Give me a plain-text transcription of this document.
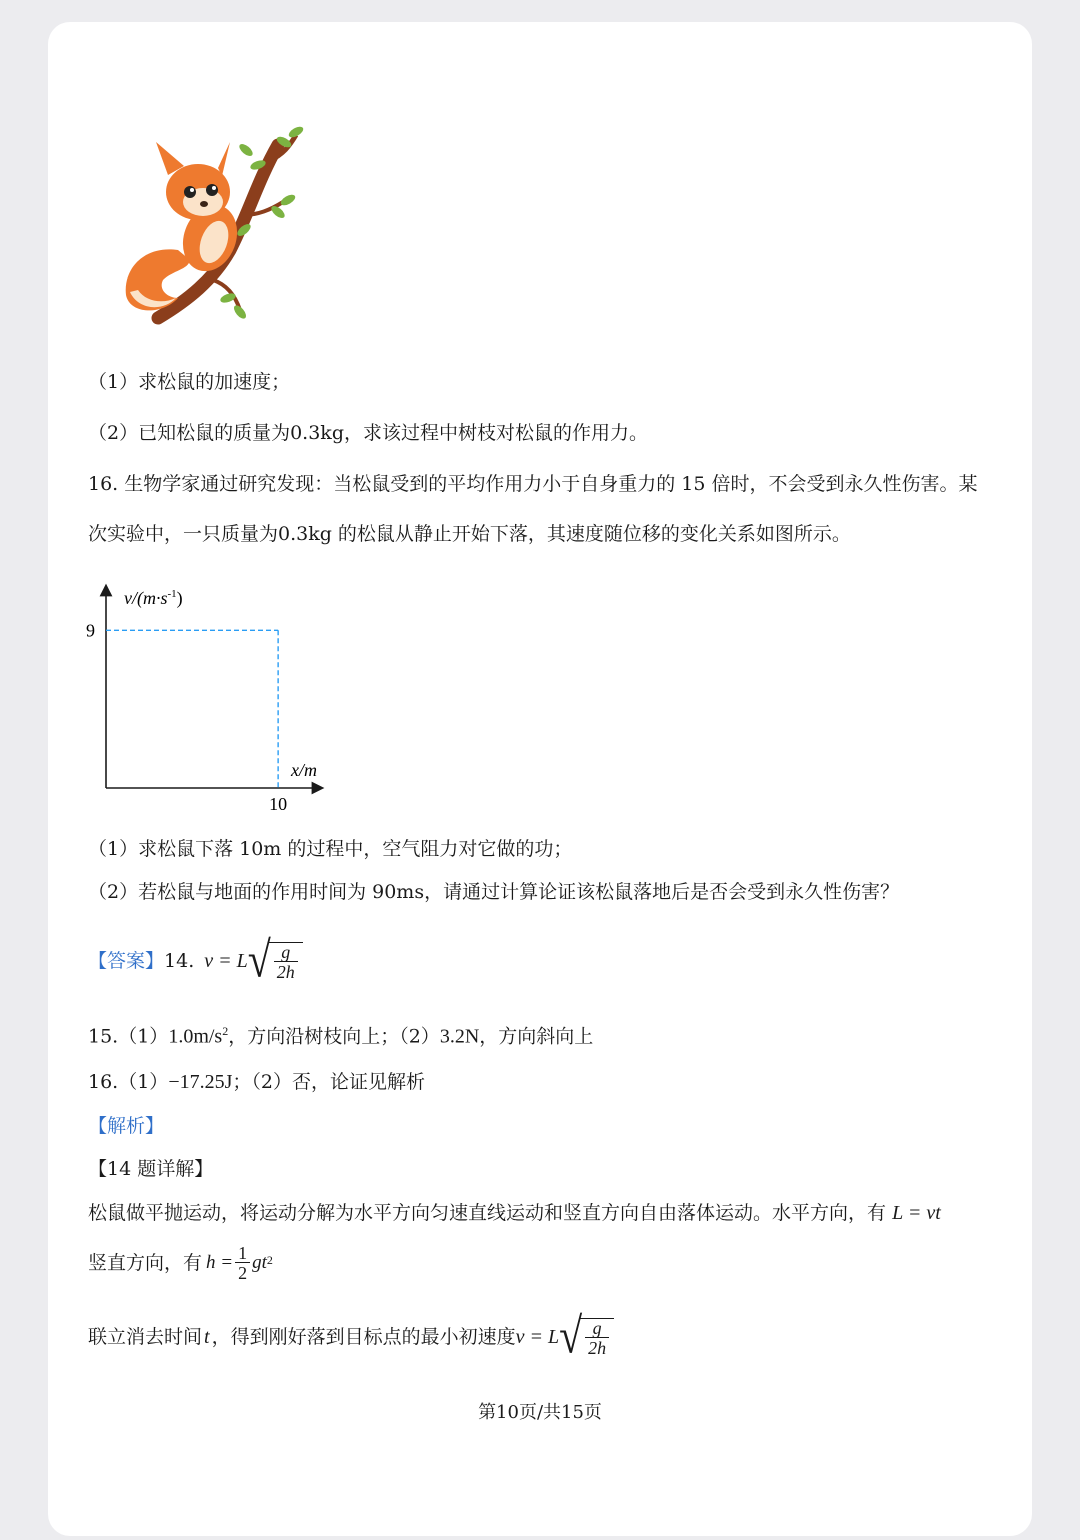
（1）求松鼠的加速度；
（2）已知松鼠的质量为0.3kg，求该过程中树枝对松鼠的作用力。
16. 生物学家通过研究发现：当松鼠受到的平均作用力小于自身重力的 15 倍时，不会受到永久性伤害。某
次实验中，一只质量为0.3kg 的松鼠从静止开始下落，其速度随位移的变化关系如图所示。
$v/(m\cdot s^{-1})$
x/m
9
10
（1）求松鼠下落 10m 的过程中，空气阻力对它做的功；
（2）若松鼠与地面的作用时间为 90ms，请通过计算论证该松鼠落地后是否会受到永久性伤害？
【答案】 14. v = L √ $\frac{g}{2h}$
$15.(1)1.0m/s^2$，方向沿树枝向上；（2）3.2N，方向斜向上
16.（1）−17.25J；（2）否，论证见解析
【解析】
【14 题详解】
松鼠做平抛运动，将运动分解为水平方向匀速直线运动和竖直方向自由落体运动。水平方向，有 L = vt
竖直方向，有 $h = \frac{1}{2}$ gt 2
联立消去时间 t ，得到刚好落到目标点的最小初速度 v = L √ $\frac{g}{2h}$
第10页/共15页
